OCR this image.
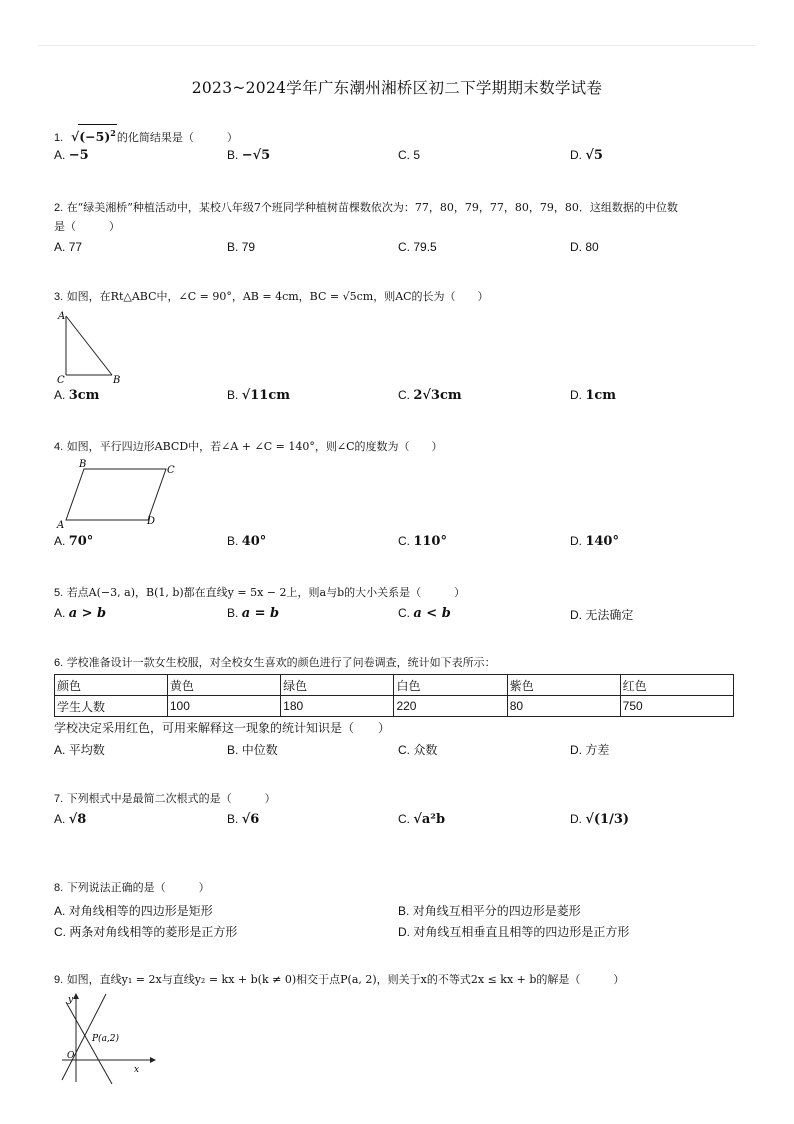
2023~2024学年广东潮州湘桥区初二下学期期末数学试卷
1.  $√(-5)^2$的化简结果是（　　　）
A. −5	B. −√5	C. 5	D. √5
2. 在“绿美湘桥”种植活动中，某校八年级7个班同学种植树苗棵数依次为：77，80，79，77，80，79，80．这组数据的中位数
是（　　　）
A. 77	B. 79	C. 79.5	D. 80
3. 如图，在Rt△ABC中，∠C = 90°，AB = 4cm，BC = √5cm，则AC的长为（　　）
A
C	B
A. 3cm	B. √11cm	C. 2√3cm	D. 1cm
4. 如图，平行四边形ABCD中，若∠A + ∠C = 140°，则∠C的度数为（　　）
B
C
A	D
A. 70°	B. 40°	C. 110°	D. 140°
5. 若点A(−3, a)，B(1, b)都在直线y = 5x − 2上，则a与b的大小关系是（　　　）
A. a > b	B. a = b	C. a < b	D. 无法确定
6. 学校准备设计一款女生校服，对全校女生喜欢的颜色进行了问卷调查，统计如下表所示：
颜色	黄色	绿色	白色	紫色	红色
学生人数	100	180	220	80	750
学校决定采用红色，可用来解释这一现象的统计知识是（　　）
A. 平均数	B. 中位数	C. 众数	D. 方差
7. 下列根式中是最简二次根式的是（　　　）
A. √8	B. √6	C. √a²b	D. √(1/3)
8. 下列说法正确的是（　　　）
A. 对角线相等的四边形是矩形	B. 对角线互相平分的四边形是菱形
C. 两条对角线相等的菱形是正方形	D. 对角线互相垂直且相等的四边形是正方形
9. 如图，直线y₁ = 2x与直线y₂ = kx + b(k ≠ 0)相交于点P(a, 2)，则关于x的不等式2x ≤ kx + b的解是（　　　）
y
x
O
P(a,2)
